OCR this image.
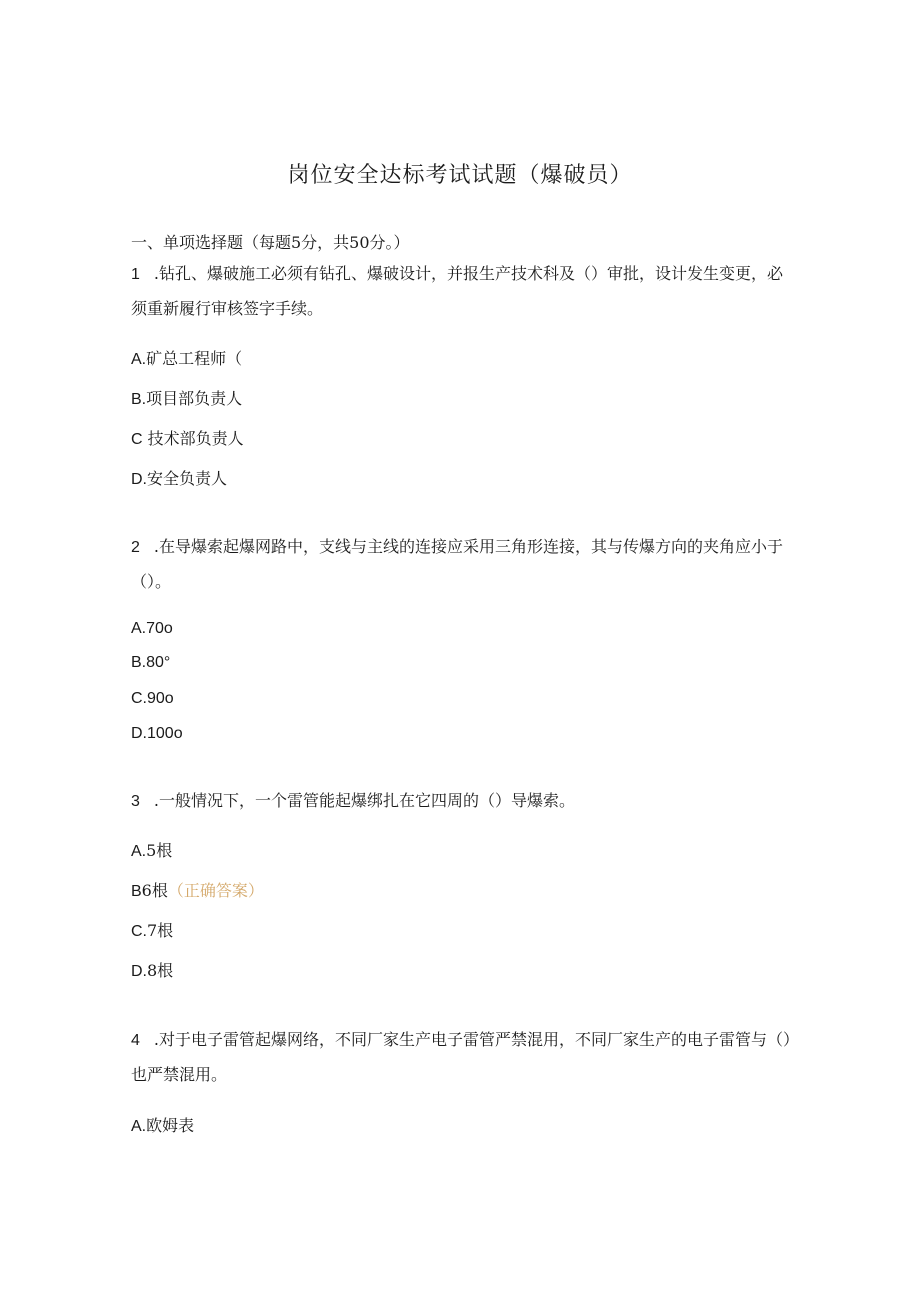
岗位安全达标考试试题（爆破员）
一、单项选择题（每题5分，共50分。）
1 .钻孔、爆破施工必须有钻孔、爆破设计，并报生产技术科及（）审批，设计发生变更，必须重新履行审核签字手续。
A.矿总工程师（
B.项目部负责人
C 技术部负责人
D.安全负责人
2 .在导爆索起爆网路中，支线与主线的连接应采用三角形连接，其与传爆方向的夹角应小于（）。
A.70o
B.80°
C.90o
D.100o
3 .一般情况下，一个雷管能起爆绑扎在它四周的（）导爆索。
A.5根
B6根（正确答案）
C.7根
D.8根
4 .对于电子雷管起爆网络，不同厂家生产电子雷管严禁混用，不同厂家生产的电子雷管与（）也严禁混用。
A.欧姆表
